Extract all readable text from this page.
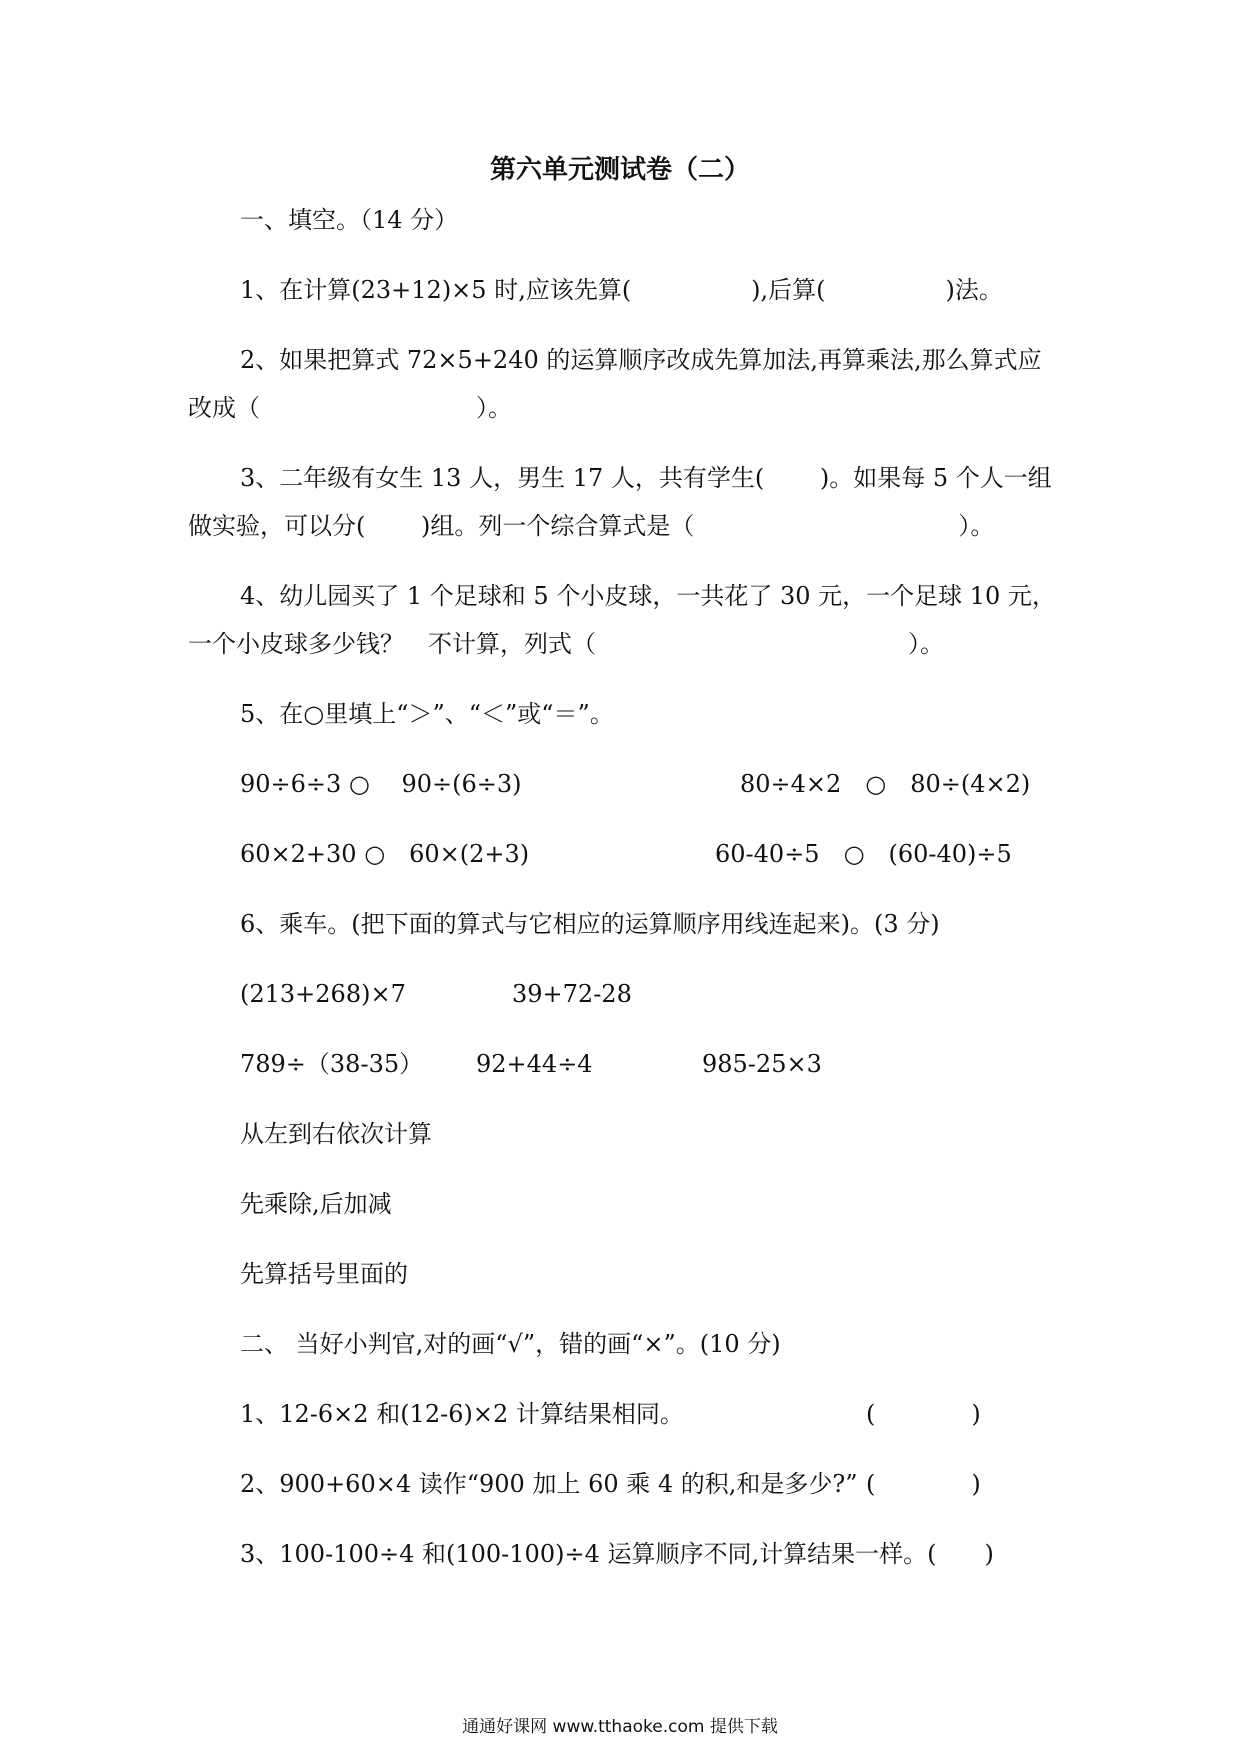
第六单元测试卷（二）
一、填空。（14 分）
1、在计算(23+12)×5 时,应该先算(　　　　　),后算(　　　　　)法。
2、如果把算式 72×5+240 的运算顺序改成先算加法,再算乘法,那么算式应
改成（　　　　　　　　　）。
3、二年级有女生 13 人，男生 17 人，共有学生(　　 )。如果每 5 个人一组
做实验，可以分(　　 )组。列一个综合算式是（　　　　　　　　　　　）。
4、幼儿园买了 1 个足球和 5 个小皮球，一共花了 30 元，一个足球 10 元，
一个小皮球多少钱？　不计算，列式（　　　　　　　　　　　　　）。
5、在○里填上“＞”、“＜”或“＝”。
90÷6÷3 ○　 90÷(6÷3)	80÷4×2　○　80÷(4×2)
60×2+30 ○　60×(2+3)	60-40÷5　○　(60-40)÷5
6、乘车。(把下面的算式与它相应的运算顺序用线连起来)。(3 分)
(213+268)×7	39+72-28
789÷（38-35） 92+44÷4	985-25×3
从左到右依次计算
先乘除,后加减
先算括号里面的
二、 当好小判官,对的画“√”，错的画“×”。(10 分)
1、12-6×2 和(12-6)×2 计算结果相同。	(　　　　)
2、900+60×4 读作“900 加上 60 乘 4 的积,和是多少?” (　　　　)
3、100-100÷4 和(100-100)÷4 运算顺序不同,计算结果一样。(　　)
通通好课网 www.tthaoke.com 提供下载
